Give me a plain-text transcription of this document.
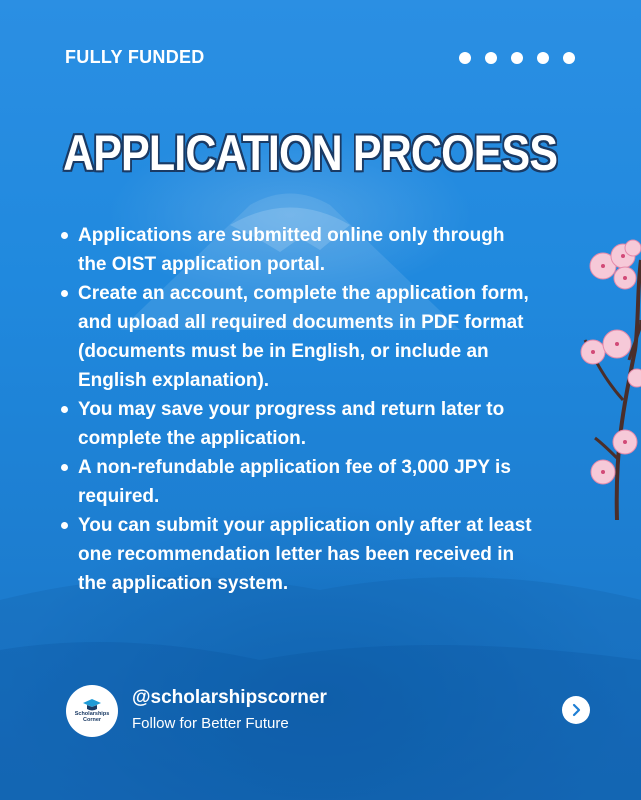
FULLY FUNDED
APPLICATION PRCOESS
Applications are submitted online only through the OIST application portal.
Create an account, complete the application form, and upload all required documents in PDF format (documents must be in English, or include an English explanation).
You may save your progress and return later to complete the application.
A non-refundable application fee of 3,000 JPY is required.
You can submit your application only after at least one recommendation letter has been received in the application system.
Scholarships Corner
@scholarshipscorner
Follow for Better Future
